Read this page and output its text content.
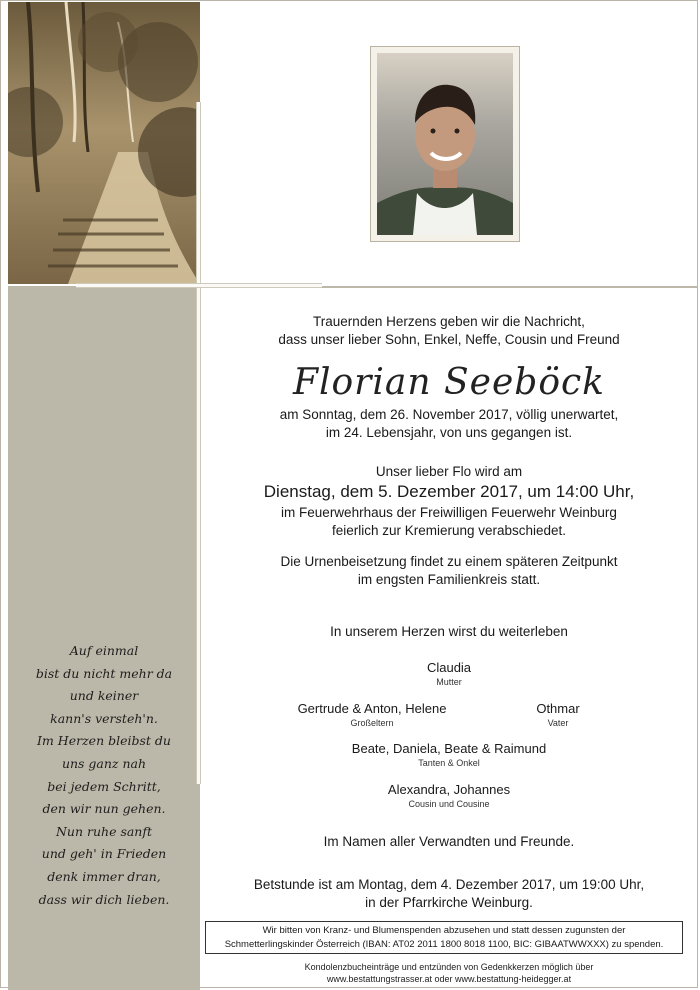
Trauernden Herzens geben wir die Nachricht,
dass unser lieber Sohn, Enkel, Neffe, Cousin und Freund
Florian Seeböck
am Sonntag, dem 26. November 2017, völlig unerwartet,
im 24. Lebensjahr, von uns gegangen ist.
Unser lieber Flo wird am
Dienstag, dem 5. Dezember 2017, um 14:00 Uhr,
im Feuerwehrhaus der Freiwilligen Feuerwehr Weinburg
feierlich zur Kremierung verabschiedet.
Die Urnenbeisetzung findet zu einem späteren Zeitpunkt
im engsten Familienkreis statt.
In unserem Herzen wirst du weiterleben
Claudia
Mutter
Gertrude & Anton, Helene
Großeltern
Othmar
Vater
Beate, Daniela, Beate & Raimund
Tanten & Onkel
Alexandra, Johannes
Cousin und Cousine
Im Namen aller Verwandten und Freunde.
Betstunde ist am Montag, dem 4. Dezember 2017, um 19:00 Uhr,
in der Pfarrkirche Weinburg.
Wir bitten von Kranz- und Blumenspenden abzusehen und statt dessen zugunsten der
Schmetterlingskinder Österreich (IBAN: AT02 2011 1800 8018 1100, BIC: GIBAATWWXXX) zu spenden.
Kondolenzbucheinträge und entzünden von Gedenkkerzen möglich über
www.bestattungstrasser.at oder www.bestattung-heidegger.at
Auf einmal
bist du nicht mehr da
und keiner
kann's versteh'n.
Im Herzen bleibst du
uns ganz nah
bei jedem Schritt,
den wir nun gehen.
Nun ruhe sanft
und geh' in Frieden
denk immer dran,
dass wir dich lieben.
